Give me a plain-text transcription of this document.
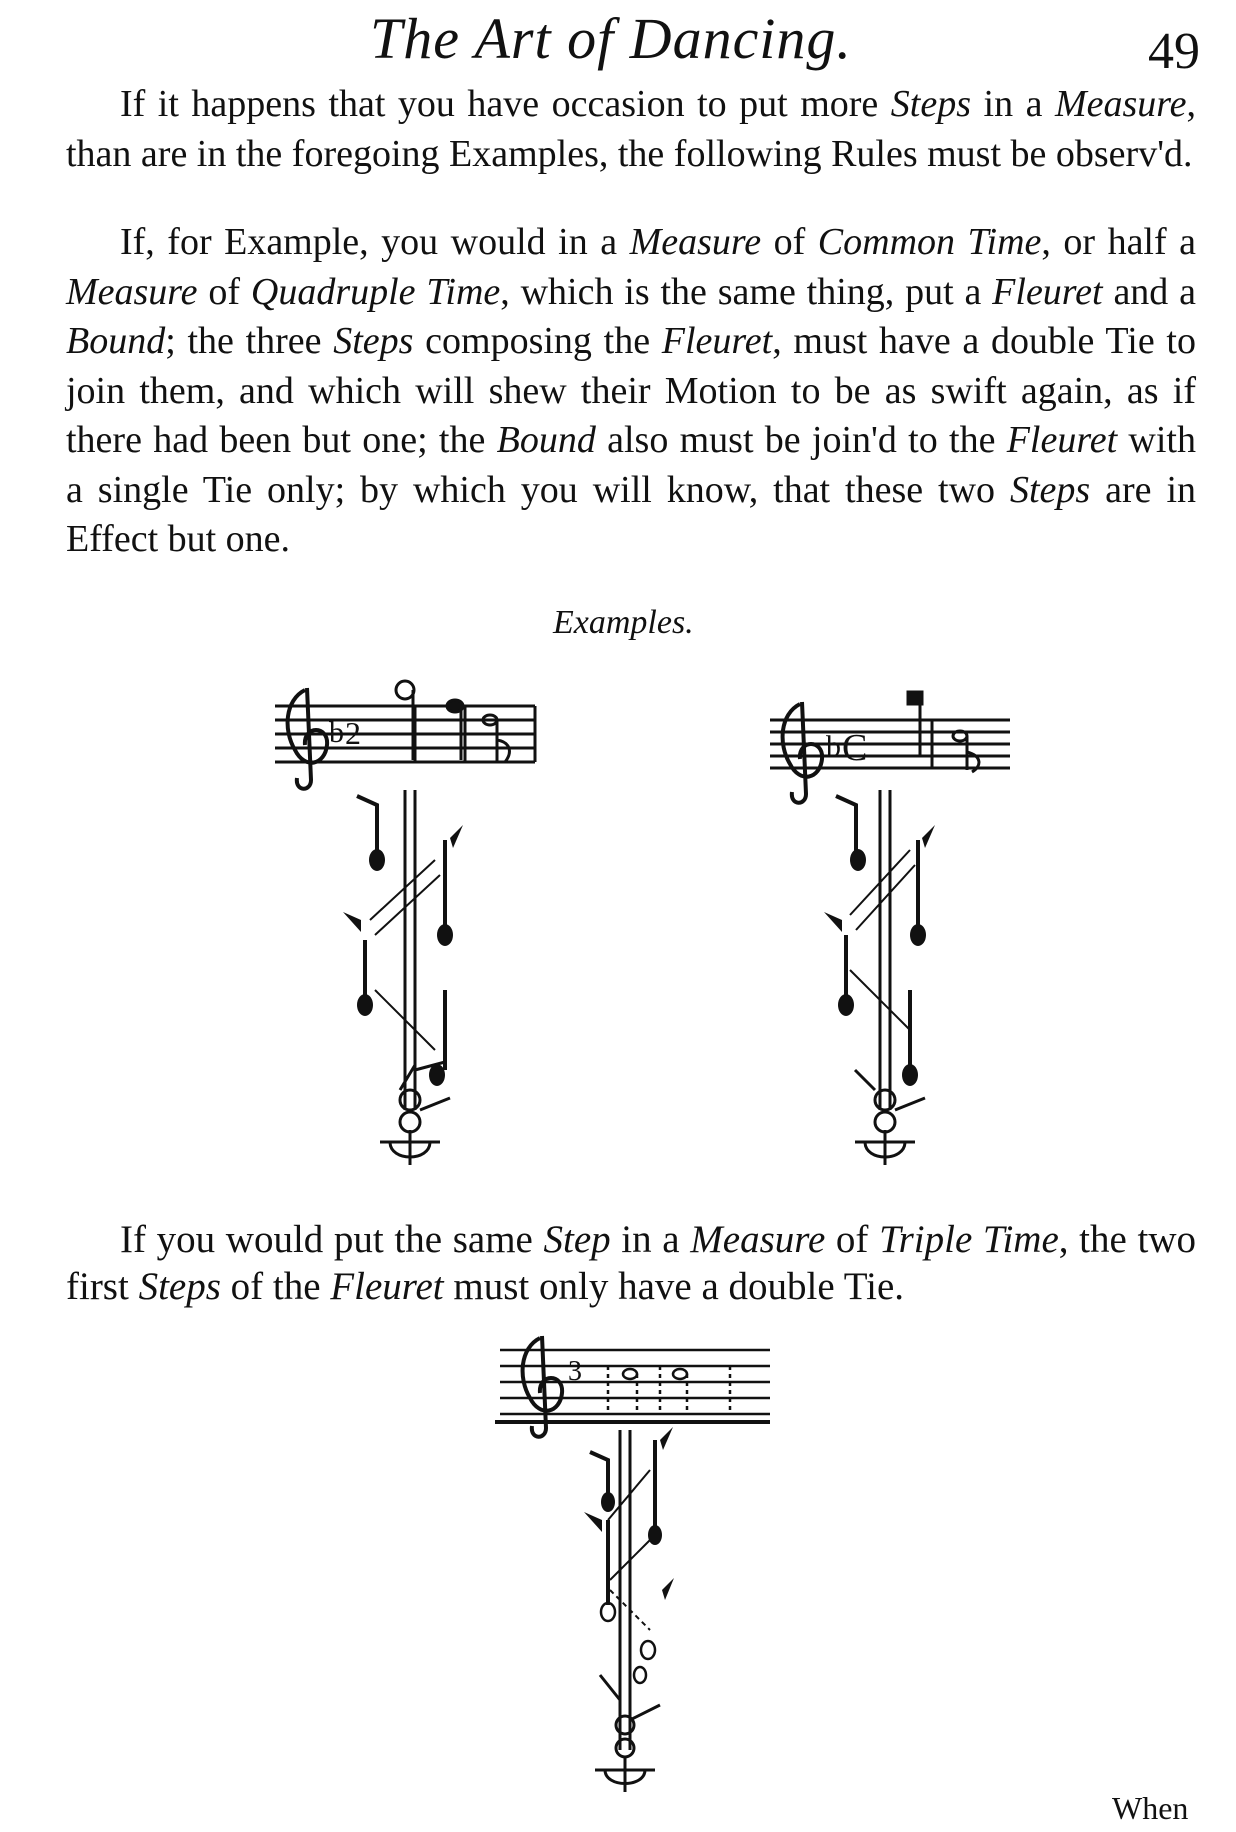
The Art of Dancing.	49

If it happens that you have occasion to put more Steps in a Measure, than are in the foregoing Examples, the following Rules must be observ'd.

If, for Example, you would in a Measure of Common Time, or half a Measure of Quadruple Time, which is the same thing, put a Fleuret and a Bound; the three Steps composing the Fleuret, must have a double Tie to join them, and which will shew their Motion to be as swift again, as if there had been but one; the Bound also must be join'd to the Fleuret with a single Tie only; by which you will know, that these two Steps are in Effect but one.

Examples.
b 2	b C

If you would put the same Step in a Measure of Triple Time, the two first Steps of the Fleuret must only have a double Tie.

3
When
